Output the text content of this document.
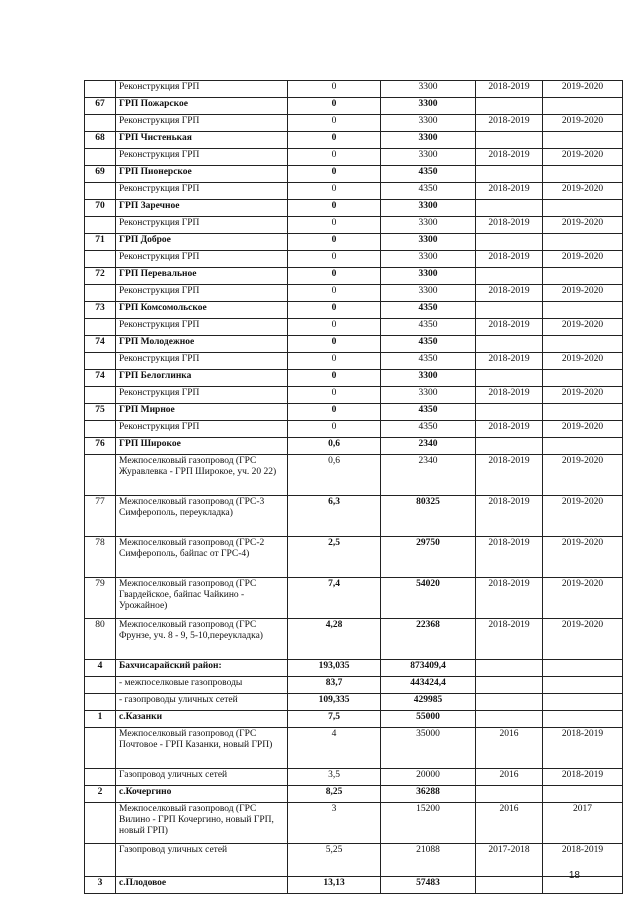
	Реконструкция ГРП	0	3300	2018-2019	2019-2020
67	ГРП Пожарское	0	3300		
	Реконструкция ГРП	0	3300	2018-2019	2019-2020
68	ГРП Чистенькая	0	3300		
	Реконструкция ГРП	0	3300	2018-2019	2019-2020
69	ГРП Пионерское	0	4350		
	Реконструкция ГРП	0	4350	2018-2019	2019-2020
70	ГРП Заречное	0	3300		
	Реконструкция ГРП	0	3300	2018-2019	2019-2020
71	ГРП Доброе	0	3300		
	Реконструкция ГРП	0	3300	2018-2019	2019-2020
72	ГРП Перевальное	0	3300		
	Реконструкция ГРП	0	3300	2018-2019	2019-2020
73	ГРП Комсомольское	0	4350		
	Реконструкция ГРП	0	4350	2018-2019	2019-2020
74	ГРП Молодежное	0	4350		
	Реконструкция ГРП	0	4350	2018-2019	2019-2020
74	ГРП Белоглинка	0	3300		
	Реконструкция ГРП	0	3300	2018-2019	2019-2020
75	ГРП Мирное	0	4350		
	Реконструкция ГРП	0	4350	2018-2019	2019-2020
76	ГРП Широкое	0,6	2340		
	Межпоселковый газопровод (ГРС Журавлевка - ГРП Широкое, уч. 20 22)	0,6	2340	2018-2019	2019-2020
77	Межпоселковый газопровод (ГРС-3 Симферополь, переукладка)	6,3	80325	2018-2019	2019-2020
78	Межпоселковый газопровод (ГРС-2 Симферополь, байпас от ГРС-4)	2,5	29750	2018-2019	2019-2020
79	Межпоселковый газопровод (ГРС Гвардейское, байпас Чайкино - Урожайное)	7,4	54020	2018-2019	2019-2020
80	Межпоселковый газопровод (ГРС Фрунзе, уч. 8 - 9, 5-10,переукладка)	4,28	22368	2018-2019	2019-2020
4	Бахчисарайский район:	193,035	873409,4		
	- межпоселковые газопроводы	83,7	443424,4		
	- газопроводы уличных сетей	109,335	429985		
1	с.Казанки	7,5	55000		
	Межпоселковый газопровод (ГРС Почтовое - ГРП Казанки, новый ГРП)	4	35000	2016	2018-2019
	Газопровод уличных сетей	3,5	20000	2016	2018-2019
2	с.Кочергино	8,25	36288		
	Межпоселковый газопровод (ГРС Вилино - ГРП Кочергино, новый ГРП, новый ГРП)	3	15200	2016	2017
	Газопровод уличных сетей	5,25	21088	2017-2018	2018-2019
3	с.Плодовое	13,13	57483		
18
